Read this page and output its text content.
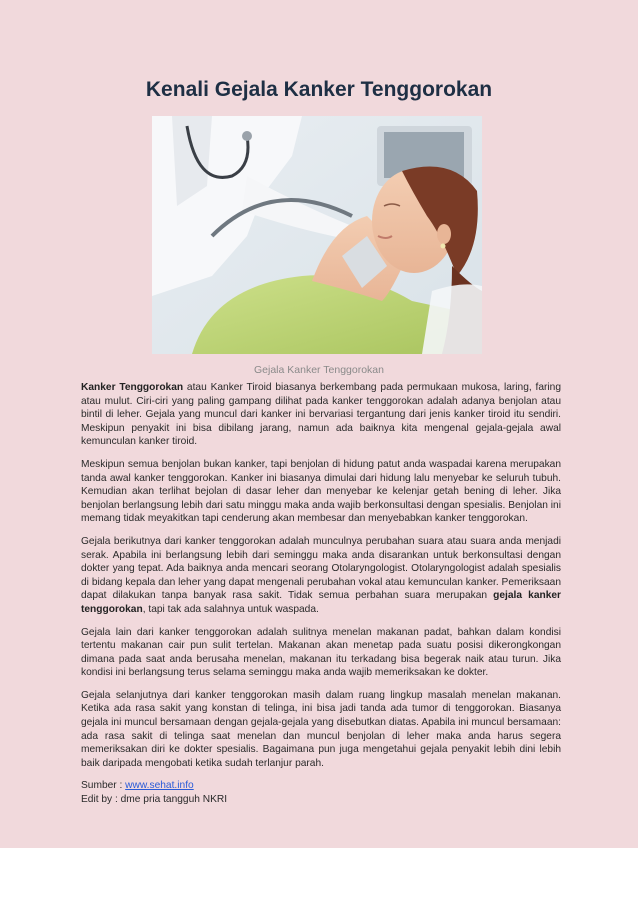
Kenali Gejala Kanker Tenggorokan
Gejala Kanker Tenggorokan

Kanker Tenggorokan atau Kanker Tiroid biasanya berkembang pada permukaan mukosa, laring, faring atau mulut. Ciri-ciri yang paling gampang dilihat pada kanker tenggorokan adalah adanya benjolan atau bintil di leher. Gejala yang muncul dari kanker ini bervariasi tergantung dari jenis kanker tiroid itu sendiri. Meskipun penyakit ini bisa dibilang jarang, namun ada baiknya kita mengenal gejala-gejala awal kemunculan kanker tiroid.

Meskipun semua benjolan bukan kanker, tapi benjolan di hidung patut anda waspadai karena merupakan tanda awal kanker tenggorokan. Kanker ini biasanya dimulai dari hidung lalu menyebar ke seluruh tubuh. Kemudian akan terlihat bejolan di dasar leher dan menyebar ke kelenjar getah bening di leher. Jika benjolan berlangsung lebih dari satu minggu maka anda wajib berkonsultasi dengan spesialis. Benjolan ini memang tidak meyakitkan tapi cenderung akan membesar dan menyebabkan kanker tenggorokan.

Gejala berikutnya dari kanker tenggorokan adalah munculnya perubahan suara atau suara anda menjadi serak. Apabila ini berlangsung lebih dari seminggu maka anda disarankan untuk berkonsultasi dengan dokter yang tepat. Ada baiknya anda mencari seorang Otolaryngologist. Otolaryngologist adalah spesialis di bidang kepala dan leher yang dapat mengenali perubahan vokal atau kemunculan kanker. Pemeriksaan dapat dilakukan tanpa banyak rasa sakit. Tidak semua perbahan suara merupakan gejala kanker tenggorokan, tapi tak ada salahnya untuk waspada.

Gejala lain dari kanker tenggorokan adalah sulitnya menelan makanan padat, bahkan dalam kondisi tertentu makanan cair pun sulit tertelan. Makanan akan menetap pada suatu posisi dikerongkongan dimana pada saat anda berusaha menelan, makanan itu terkadang bisa begerak naik atau turun. Jika kondisi ini berlangsung terus selama seminggu maka anda wajib memeriksakan ke dokter.

Gejala selanjutnya dari kanker tenggorokan masih dalam ruang lingkup masalah menelan makanan. Ketika ada rasa sakit yang konstan di telinga, ini bisa jadi tanda ada tumor di tenggorokan. Biasanya gejala ini muncul bersamaan dengan gejala-gejala yang disebutkan diatas. Apabila ini muncul bersamaan: ada rasa sakit di telinga saat menelan dan muncul benjolan di leher maka anda harus segera memeriksakan diri ke dokter spesialis. Bagaimana pun juga mengetahui gejala penyakit lebih dini lebih baik daripada mengobati ketika sudah terlanjur parah.

Sumber : www.sehat.info
Edit by : dme pria tangguh NKRI
